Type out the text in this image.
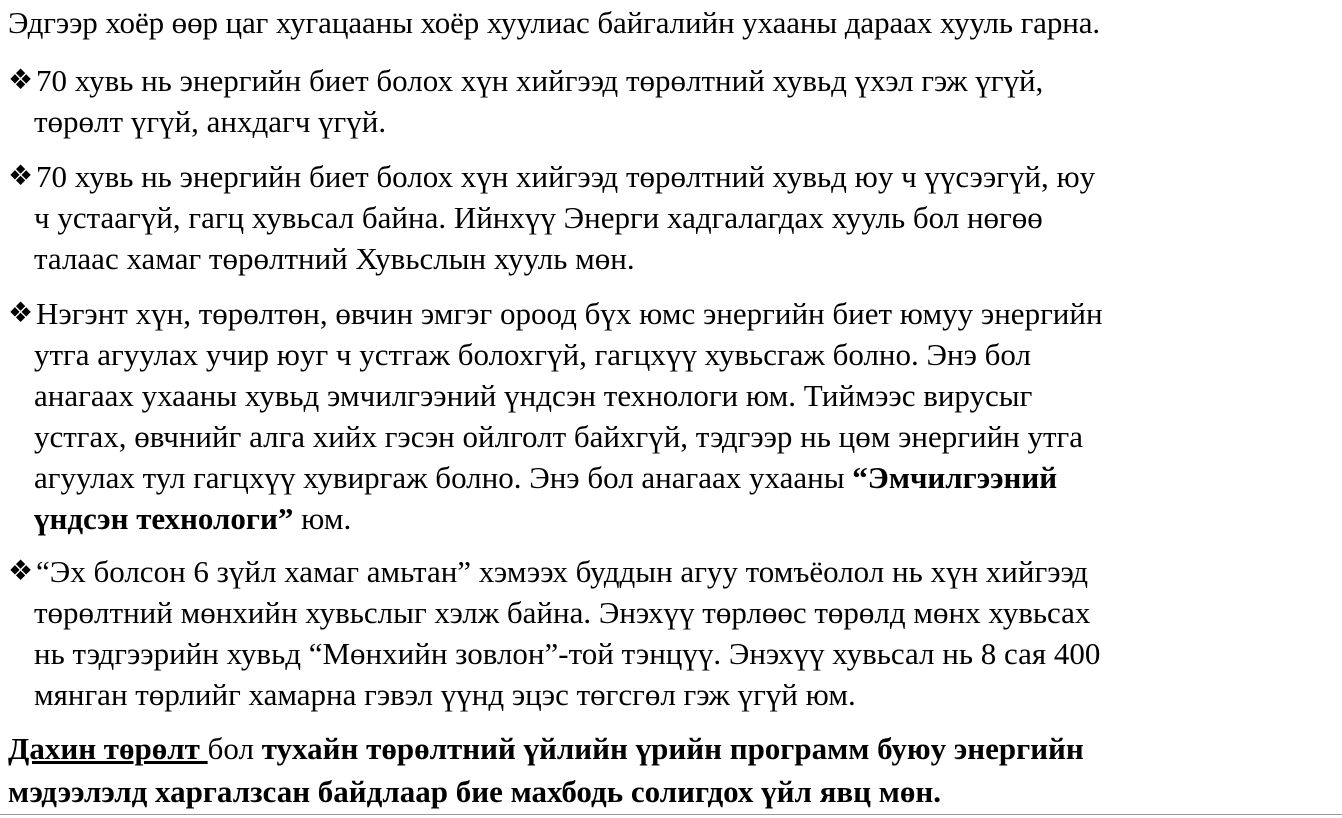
Эдгээр хоёр өөр цаг хугацааны хоёр хуулиас байгалийн ухааны дараах хууль гарна.
❖ 70 хувь нь энергийн биет болох хүн хийгээд төрөлтний хувьд үхэл гэж үгүй,
төрөлт үгүй, анхдагч үгүй.
❖ 70 хувь нь энергийн биет болох хүн хийгээд төрөлтний хувьд юу ч үүсээгүй, юу
ч устаагүй, гагц хувьсал байна. Ийнхүү Энерги хадгалагдах хууль бол нөгөө
талаас хамаг төрөлтний Хувьслын хууль мөн.
❖ Нэгэнт хүн, төрөлтөн, өвчин эмгэг ороод бүх юмс энергийн биет юмуу энергийн
утга агуулах учир юуг ч устгаж болохгүй, гагцхүү хувьсгаж болно. Энэ бол
анагаах ухааны хувьд эмчилгээний үндсэн технологи юм. Тиймээс вирусыг
устгах, өвчнийг алга хийх гэсэн ойлголт байхгүй, тэдгээр нь цөм энергийн утга
агуулах тул гагцхүү хувиргаж болно. Энэ бол анагаах ухааны “Эмчилгээний
үндсэн технологи” юм.
❖ “Эх болсон 6 зүйл хамаг амьтан” хэмээх буддын агуу томъёолол нь хүн хийгээд
төрөлтний мөнхийн хувьслыг хэлж байна. Энэхүү төрлөөс төрөлд мөнх хувьсах
нь тэдгээрийн хувьд “Мөнхийн зовлон”-той тэнцүү. Энэхүү хувьсал нь 8 сая 400
мянган төрлийг хамарна гэвэл үүнд эцэс төгсгөл гэж үгүй юм.
Дахин төрөлт бол тухайн төрөлтний үйлийн үрийн программ буюу энергийн
мэдээлэлд харгалзсан байдлаар бие махбодь солигдох үйл явц мөн.
